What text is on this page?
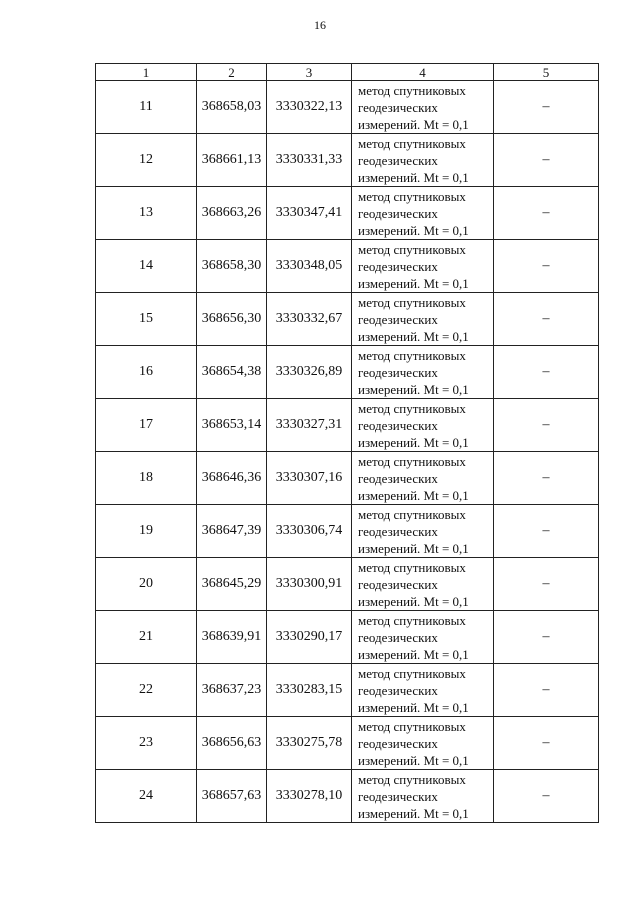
16
1	2	3	4	5
11	368658,03	3330322,13	метод спутниковых
геодезических
измерений. Mt = 0,1	–
12	368661,13	3330331,33	метод спутниковых
геодезических
измерений. Mt = 0,1	–
13	368663,26	3330347,41	метод спутниковых
геодезических
измерений. Mt = 0,1	–
14	368658,30	3330348,05	метод спутниковых
геодезических
измерений. Mt = 0,1	–
15	368656,30	3330332,67	метод спутниковых
геодезических
измерений. Mt = 0,1	–
16	368654,38	3330326,89	метод спутниковых
геодезических
измерений. Mt = 0,1	–
17	368653,14	3330327,31	метод спутниковых
геодезических
измерений. Mt = 0,1	–
18	368646,36	3330307,16	метод спутниковых
геодезических
измерений. Mt = 0,1	–
19	368647,39	3330306,74	метод спутниковых
геодезических
измерений. Mt = 0,1	–
20	368645,29	3330300,91	метод спутниковых
геодезических
измерений. Mt = 0,1	–
21	368639,91	3330290,17	метод спутниковых
геодезических
измерений. Mt = 0,1	–
22	368637,23	3330283,15	метод спутниковых
геодезических
измерений. Mt = 0,1	–
23	368656,63	3330275,78	метод спутниковых
геодезических
измерений. Mt = 0,1	–
24	368657,63	3330278,10	метод спутниковых
геодезических
измерений. Mt = 0,1	–
